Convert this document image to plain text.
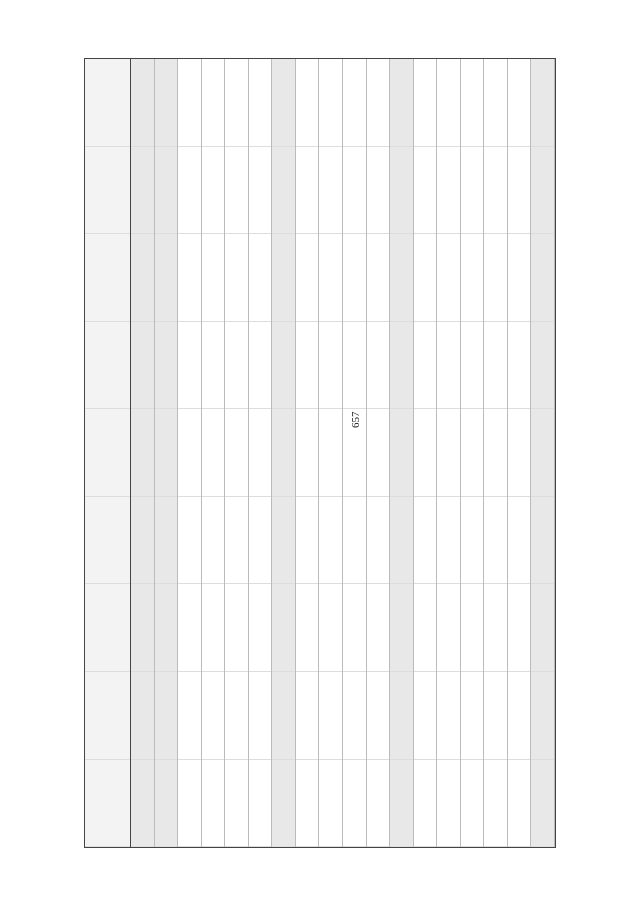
657
